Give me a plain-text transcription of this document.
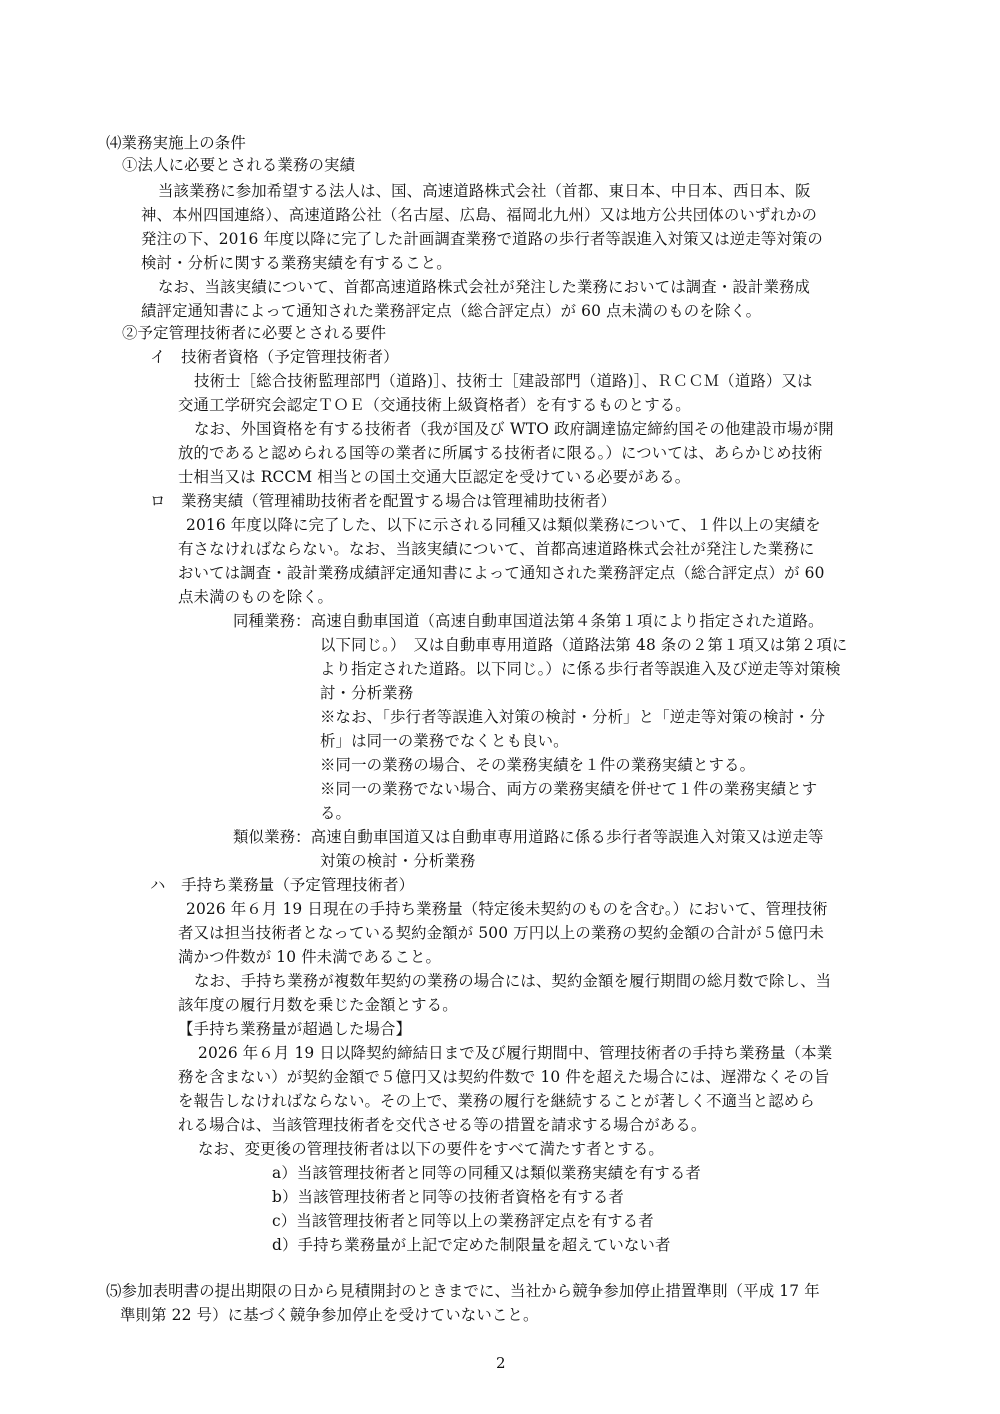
⑷業務実施上の条件
①法人に必要とされる業務の実績
当該業務に参加希望する法人は、国、高速道路株式会社（首都、東日本、中日本、西日本、阪
神、本州四国連絡）、高速道路公社（名古屋、広島、福岡北九州）又は地方公共団体のいずれかの
発注の下、2016 年度以降に完了した計画調査業務で道路の歩行者等誤進入対策又は逆走等対策の
検討・分析に関する業務実績を有すること。
なお、当該実績について、首都高速道路株式会社が発注した業務においては調査・設計業務成
績評定通知書によって通知された業務評定点（総合評定点）が 60 点未満のものを除く。
②予定管理技術者に必要とされる要件
イ　技術者資格（予定管理技術者）
技術士［総合技術監理部門（道路)］、技術士［建設部門（道路)］、ＲＣＣＭ（道路）又は
交通工学研究会認定ＴＯＥ（交通技術上級資格者）を有するものとする。
なお、外国資格を有する技術者（我が国及び WTO 政府調達協定締約国その他建設市場が開
放的であると認められる国等の業者に所属する技術者に限る。）については、あらかじめ技術
士相当又は RCCM 相当との国土交通大臣認定を受けている必要がある。
ロ　業務実績（管理補助技術者を配置する場合は管理補助技術者）
2016 年度以降に完了した、以下に示される同種又は類似業務について、１件以上の実績を
有さなければならない。なお、当該実績について、首都高速道路株式会社が発注した業務に
おいては調査・設計業務成績評定通知書によって通知された業務評定点（総合評定点）が 60
点未満のものを除く。
同種業務：高速自動車国道（高速自動車国道法第４条第１項により指定された道路。
以下同じ。）　又は自動車専用道路（道路法第 48 条の２第１項又は第２項に
より指定された道路。以下同じ。）に係る歩行者等誤進入及び逆走等対策検
討・分析業務
※なお、「歩行者等誤進入対策の検討・分析」と「逆走等対策の検討・分
析」は同一の業務でなくとも良い。
※同一の業務の場合、その業務実績を１件の業務実績とする。
※同一の業務でない場合、両方の業務実績を併せて１件の業務実績とす
る。
類似業務：高速自動車国道又は自動車専用道路に係る歩行者等誤進入対策又は逆走等
対策の検討・分析業務
ハ　手持ち業務量（予定管理技術者）
2026 年６月 19 日現在の手持ち業務量（特定後未契約のものを含む。）において、管理技術
者又は担当技術者となっている契約金額が 500 万円以上の業務の契約金額の合計が５億円未
満かつ件数が 10 件未満であること。
なお、手持ち業務が複数年契約の業務の場合には、契約金額を履行期間の総月数で除し、当
該年度の履行月数を乗じた金額とする。
【手持ち業務量が超過した場合】
2026 年６月 19 日以降契約締結日まで及び履行期間中、管理技術者の手持ち業務量（本業
務を含まない）が契約金額で５億円又は契約件数で 10 件を超えた場合には、遅滞なくその旨
を報告しなければならない。その上で、業務の履行を継続することが著しく不適当と認めら
れる場合は、当該管理技術者を交代させる等の措置を請求する場合がある。
なお、変更後の管理技術者は以下の要件をすべて満たす者とする。
a）当該管理技術者と同等の同種又は類似業務実績を有する者
b）当該管理技術者と同等の技術者資格を有する者
c）当該管理技術者と同等以上の業務評定点を有する者
d）手持ち業務量が上記で定めた制限量を超えていない者
⑸参加表明書の提出期限の日から見積開封のときまでに、当社から競争参加停止措置準則（平成 17 年
準則第 22 号）に基づく競争参加停止を受けていないこと。
2
